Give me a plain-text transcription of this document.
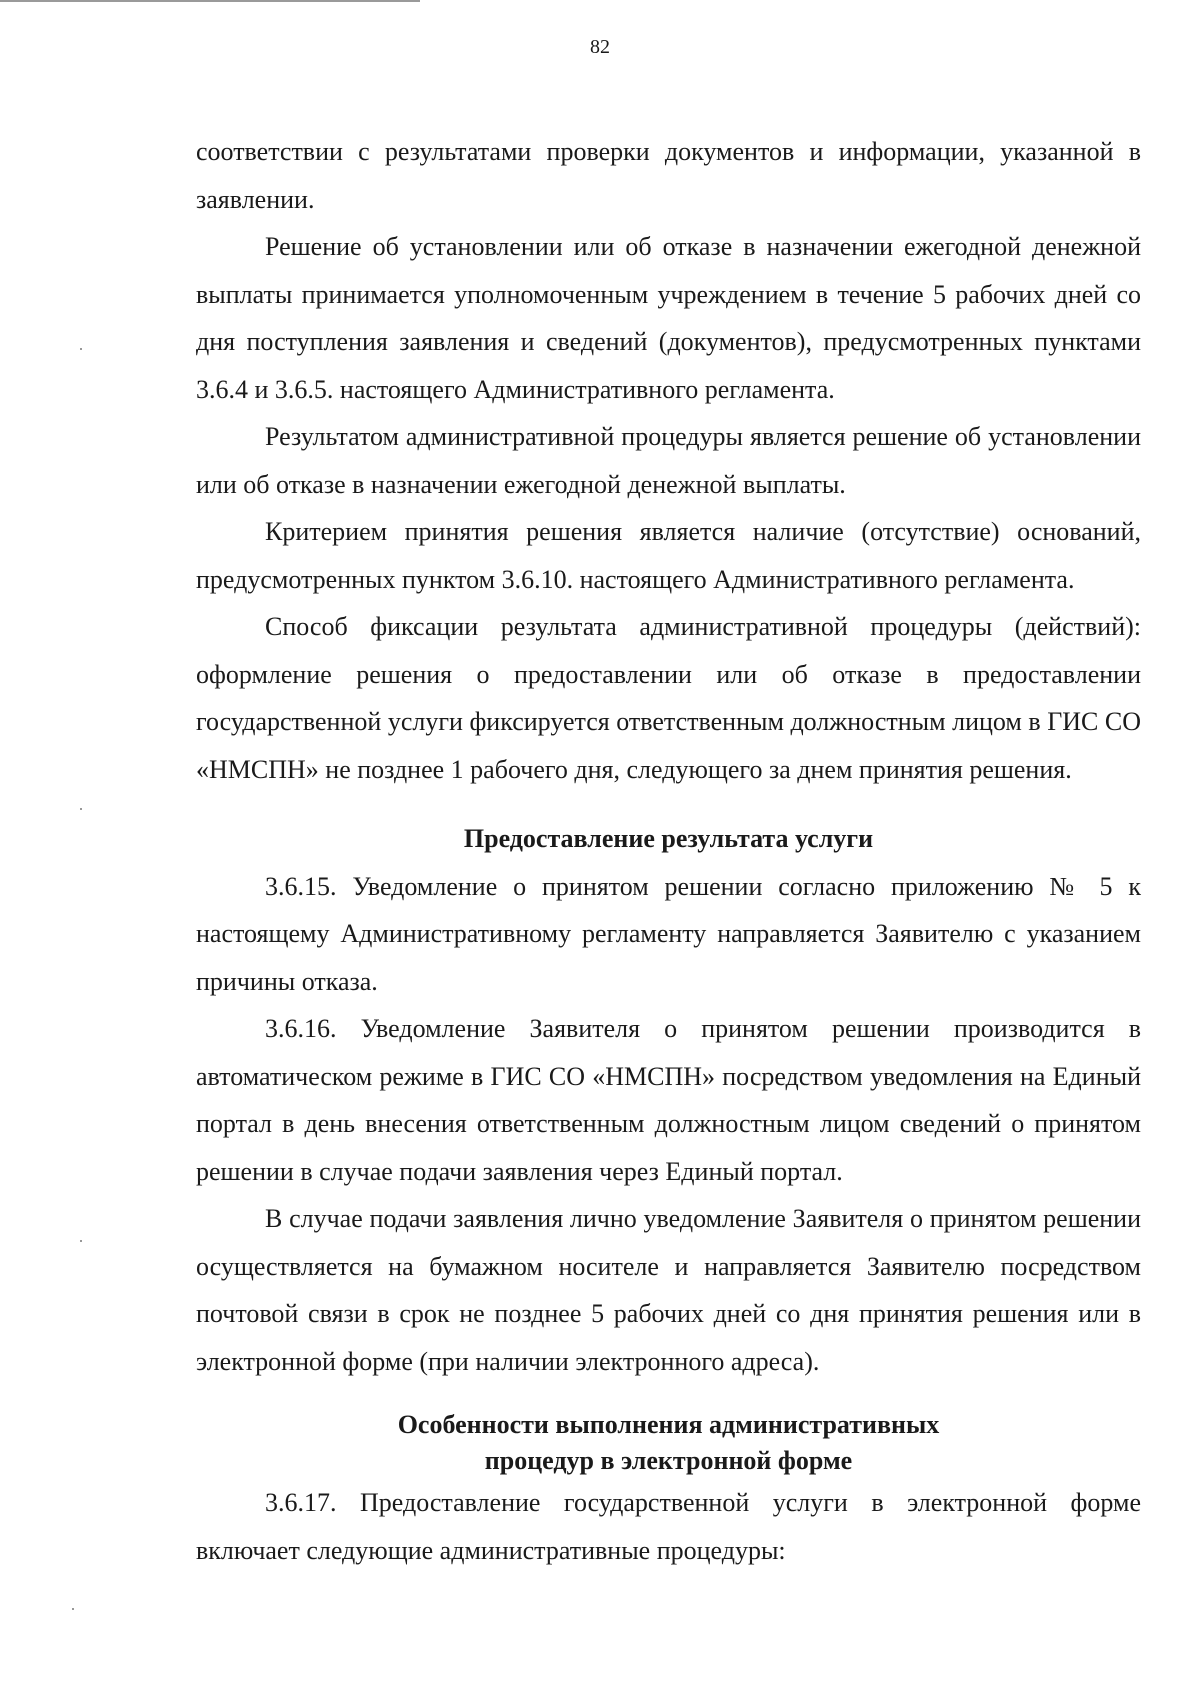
82

соответствии с результатами проверки документов и информации, указанной в заявлении.

Решение об установлении или об отказе в назначении ежегодной денежной выплаты принимается уполномоченным учреждением в течение 5 рабочих дней со дня поступления заявления и сведений (документов), предусмотренных пунктами 3.6.4 и 3.6.5. настоящего Административного регламента.

Результатом административной процедуры является решение об установлении или об отказе в назначении ежегодной денежной выплаты.

Критерием принятия решения является наличие (отсутствие) оснований, предусмотренных пунктом 3.6.10. настоящего Административного регламента.

Способ фиксации результата административной процедуры (действий): оформление решения о предоставлении или об отказе в предоставлении государственной услуги фиксируется ответственным должностным лицом в ГИС СО «НМСПН» не позднее 1 рабочего дня, следующего за днем принятия решения.

Предоставление результата услуги

3.6.15. Уведомление о принятом решении согласно приложению № 5 к настоящему Административному регламенту направляется Заявителю с указанием причины отказа.

3.6.16. Уведомление Заявителя о принятом решении производится в автоматическом режиме в ГИС СО «НМСПН» посредством уведомления на Единый портал в день внесения ответственным должностным лицом сведений о принятом решении в случае подачи заявления через Единый портал.

В случае подачи заявления лично уведомление Заявителя о принятом решении осуществляется на бумажном носителе и направляется Заявителю посредством почтовой связи в срок не позднее 5 рабочих дней со дня принятия решения или в электронной форме (при наличии электронного адреса).

Особенности выполнения административных
процедур в электронной форме

3.6.17. Предоставление государственной услуги в электронной форме включает следующие административные процедуры:
